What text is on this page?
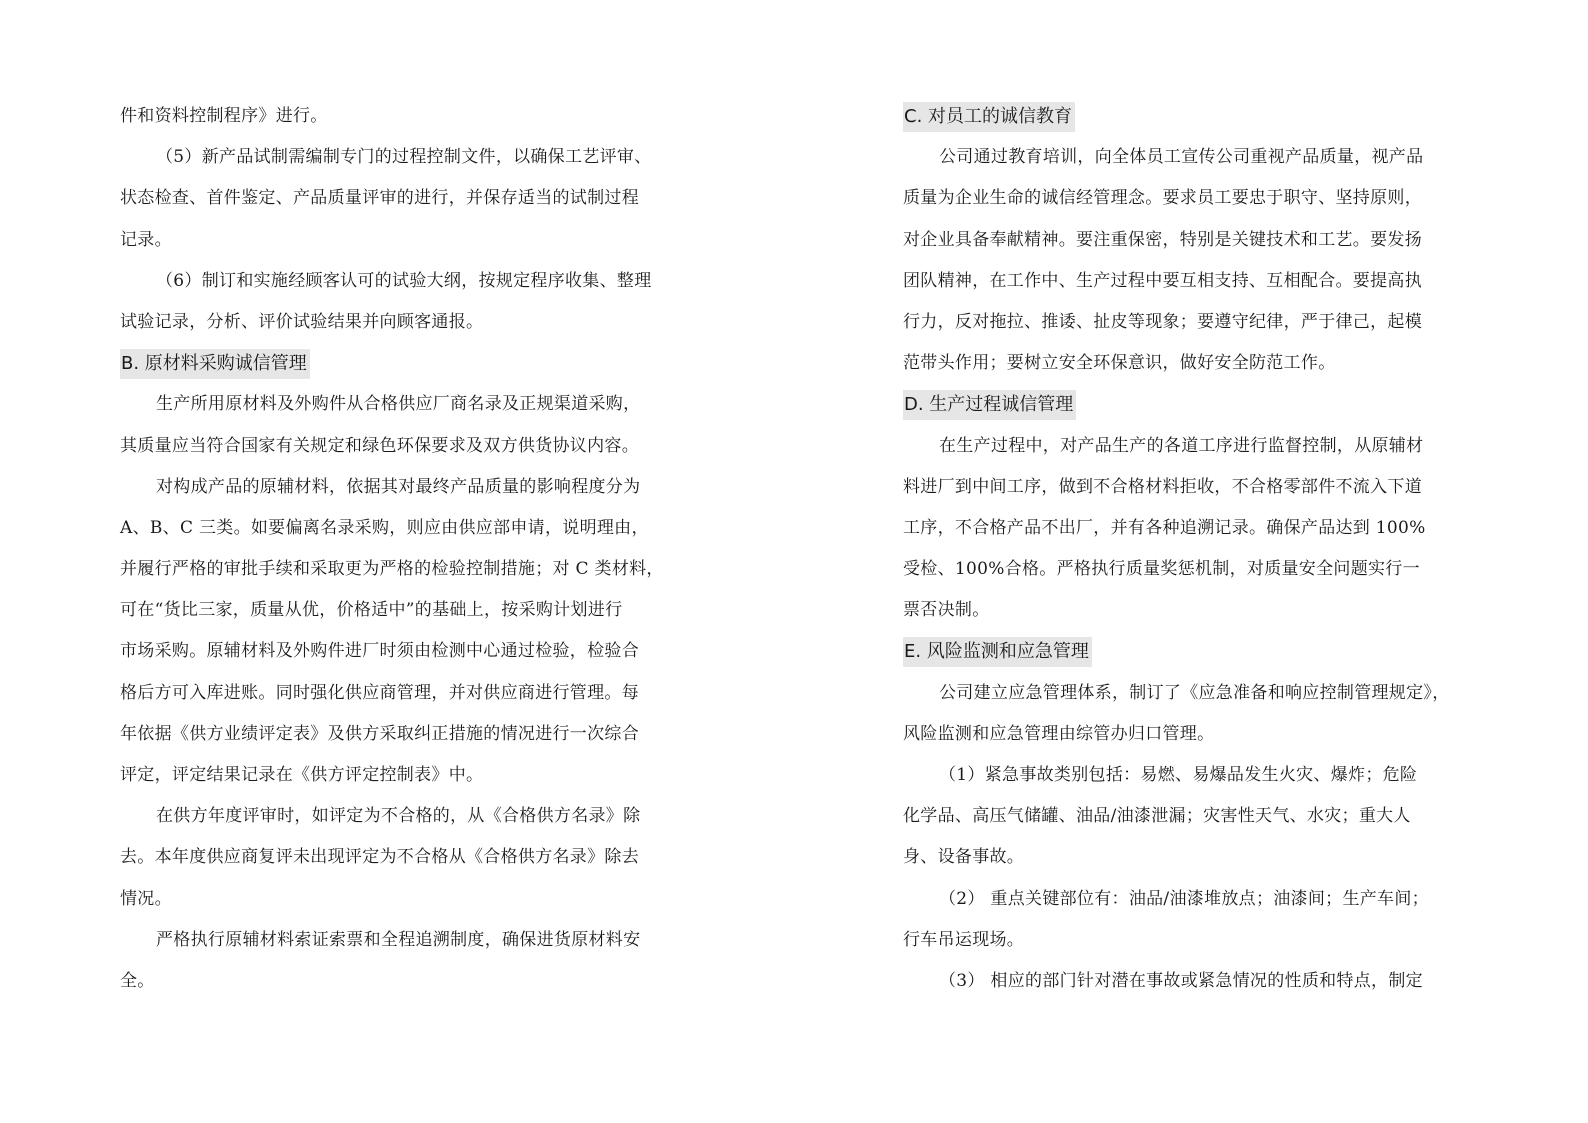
件和资料控制程序》进行。
（5）新产品试制需编制专门的过程控制文件，以确保工艺评审、
状态检查、首件鉴定、产品质量评审的进行，并保存适当的试制过程
记录。
（6）制订和实施经顾客认可的试验大纲，按规定程序收集、整理
试验记录，分析、评价试验结果并向顾客通报。
B. 原材料采购诚信管理
生产所用原材料及外购件从合格供应厂商名录及正规渠道采购，
其质量应当符合国家有关规定和绿色环保要求及双方供货协议内容。
对构成产品的原辅材料，依据其对最终产品质量的影响程度分为
A、B、C 三类。如要偏离名录采购，则应由供应部申请，说明理由，
并履行严格的审批手续和采取更为严格的检验控制措施；对 C 类材料，
可在“货比三家，质量从优，价格适中”的基础上，按采购计划进行
市场采购。原辅材料及外购件进厂时须由检测中心通过检验，检验合
格后方可入库进账。同时强化供应商管理，并对供应商进行管理。每
年依据《供方业绩评定表》及供方采取纠正措施的情况进行一次综合
评定，评定结果记录在《供方评定控制表》中。
在供方年度评审时，如评定为不合格的，从《合格供方名录》除
去。本年度供应商复评未出现评定为不合格从《合格供方名录》除去
情况。
严格执行原辅材料索证索票和全程追溯制度，确保进货原材料安
全。
C. 对员工的诚信教育
公司通过教育培训，向全体员工宣传公司重视产品质量，视产品
质量为企业生命的诚信经管理念。要求员工要忠于职守、坚持原则，
对企业具备奉献精神。要注重保密，特别是关键技术和工艺。要发扬
团队精神，在工作中、生产过程中要互相支持、互相配合。要提高执
行力，反对拖拉、推诿、扯皮等现象；要遵守纪律，严于律己，起模
范带头作用；要树立安全环保意识，做好安全防范工作。
D. 生产过程诚信管理
在生产过程中，对产品生产的各道工序进行监督控制，从原辅材
料进厂到中间工序，做到不合格材料拒收，不合格零部件不流入下道
工序，不合格产品不出厂，并有各种追溯记录。确保产品达到 100%
受检、100%合格。严格执行质量奖惩机制，对质量安全问题实行一
票否决制。
E. 风险监测和应急管理
公司建立应急管理体系，制订了《应急准备和响应控制管理规定》，
风险监测和应急管理由综管办归口管理。
（1）紧急事故类别包括：易燃、易爆品发生火灾、爆炸；危险
化学品、高压气储罐、油品/油漆泄漏；灾害性天气、水灾；重大人
身、设备事故。
（2） 重点关键部位有：油品/油漆堆放点；油漆间；生产车间；
行车吊运现场。
（3） 相应的部门针对潜在事故或紧急情况的性质和特点，制定
